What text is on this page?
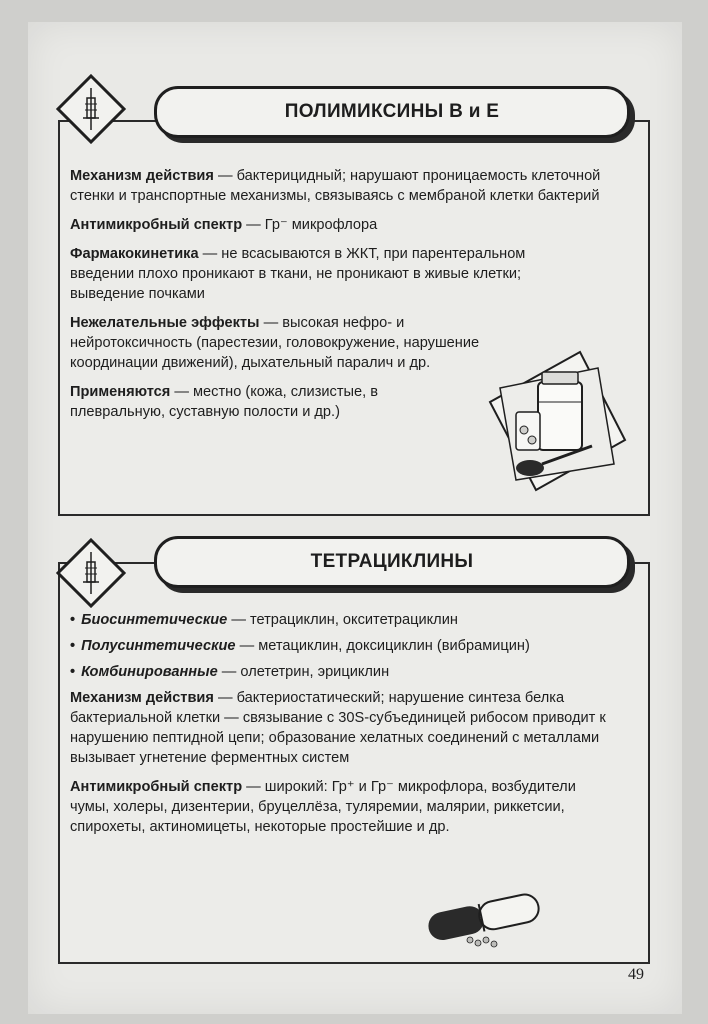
ПОЛИМИКСИНЫ В и Е

Механизм действия — бактерицидный; нарушают проницаемость клеточной стенки и транспортные механизмы, связываясь с мембраной клетки бактерий

Антимикробный спектр — Гр⁻ микрофлора

Фармакокинетика — не всасываются в ЖКТ, при парентеральном введении плохо проникают в ткани, не проникают в живые клетки; выведение почками

Нежелательные эффекты — высокая нефро- и нейротоксичность (парестезии, головокружение, нарушение координации движений), дыхательный паралич и др.

Применяются — местно (кожа, слизистые, в плевральную, суставную полости и др.)

ТЕТРАЦИКЛИНЫ

• Биосинтетические — тетрациклин, окситетрациклин

• Полусинтетические — метациклин, доксициклин (вибрамицин)

• Комбинированные — олететрин, эрициклин

Механизм действия — бактериостатический; нарушение синтеза белка бактериальной клетки — связывание с 30S-субъединицей рибосом приводит к нарушению пептидной цепи; образование хелатных соединений с металлами вызывает угнетение ферментных систем

Антимикробный спектр — широкий: Гр⁺ и Гр⁻ микрофлора, возбудители чумы, холеры, дизентерии, бруцеллёза, туляремии, малярии, риккетсии, спирохеты, актиномицеты, некоторые простейшие и др.

49
